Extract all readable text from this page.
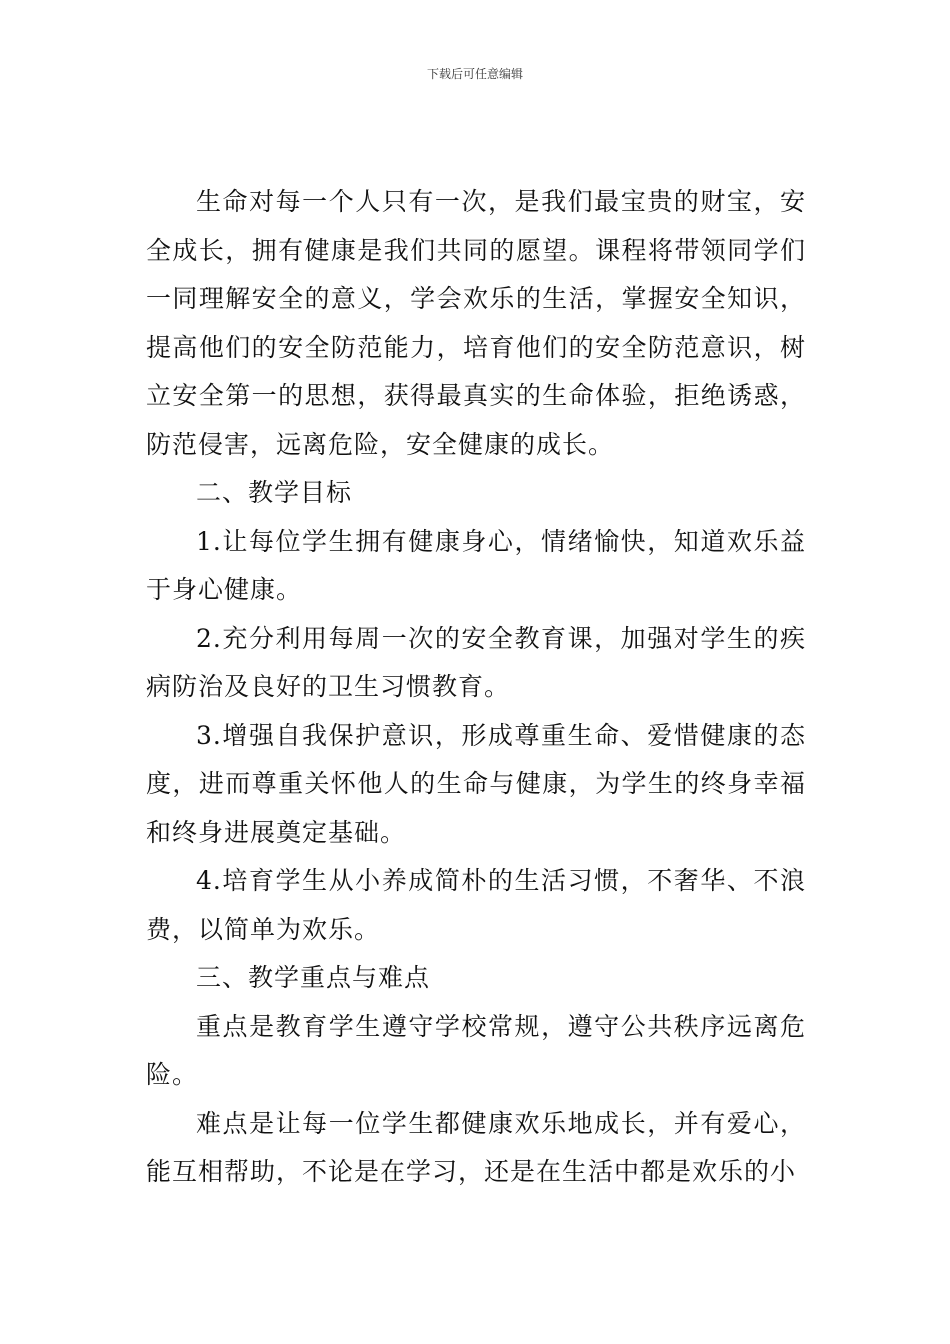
下载后可任意编辑

生命对每一个人只有一次，是我们最宝贵的财宝，安全成长，拥有健康是我们共同的愿望。课程将带领同学们一同理解安全的意义，学会欢乐的生活，掌握安全知识，提高他们的安全防范能力，培育他们的安全防范意识，树立安全第一的思想，获得最真实的生命体验，拒绝诱惑，防范侵害，远离危险，安全健康的成长。

二、教学目标

1.让每位学生拥有健康身心，情绪愉快，知道欢乐益于身心健康。

2.充分利用每周一次的安全教育课，加强对学生的疾病防治及良好的卫生习惯教育。

3.增强自我保护意识，形成尊重生命、爱惜健康的态度，进而尊重关怀他人的生命与健康，为学生的终身幸福和终身进展奠定基础。

4.培育学生从小养成简朴的生活习惯，不奢华、不浪费，以简单为欢乐。

三、教学重点与难点

重点是教育学生遵守学校常规，遵守公共秩序远离危险。

难点是让每一位学生都健康欢乐地成长，并有爱心，能互相帮助，不论是在学习，还是在生活中都是欢乐的小
